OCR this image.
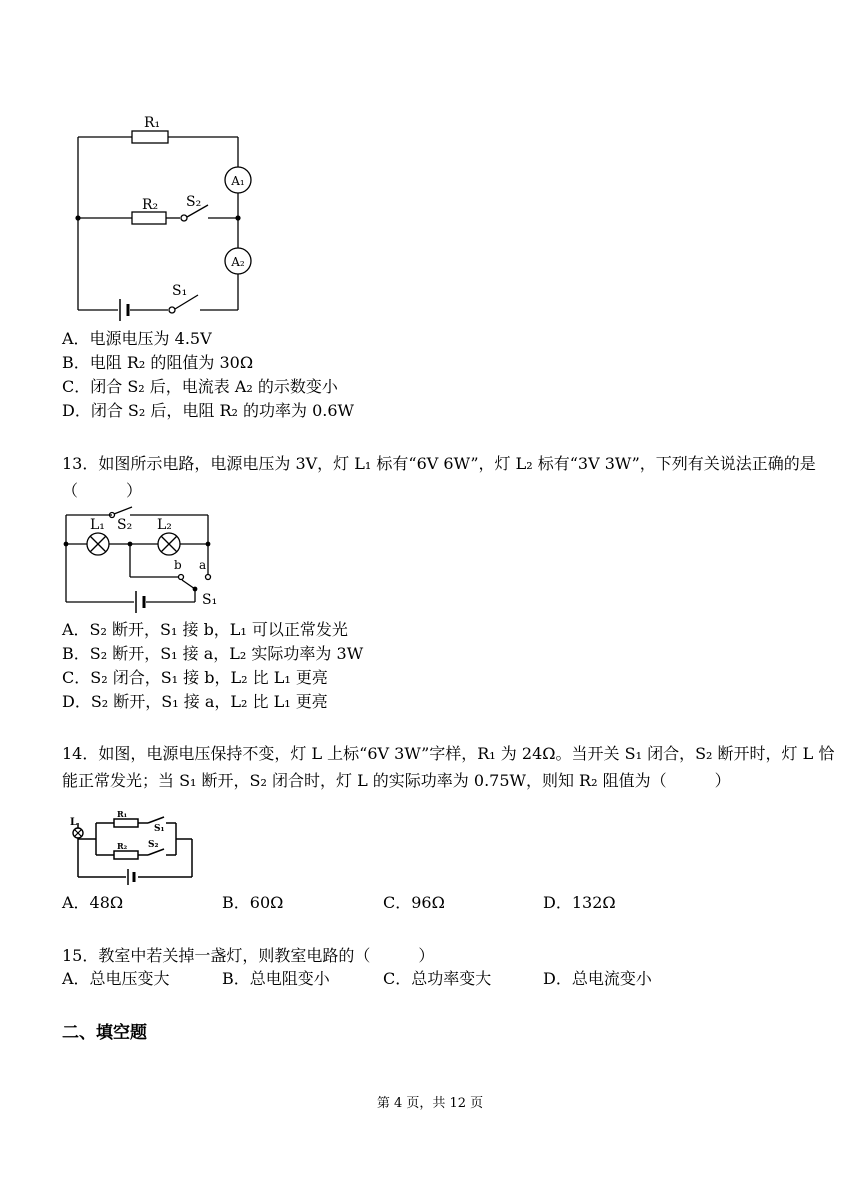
R₁
R₂ S₂
S₁
A₁
A₂
A．电源电压为 4.5V
B．电阻 R₂ 的阻值为 30Ω
C．闭合 S₂ 后，电流表 A₂ 的示数变小
D．闭合 S₂ 后，电阻 R₂ 的功率为 0.6W
13．如图所示电路，电源电压为 3V，灯 L₁ 标有“6V 6W”，灯 L₂ 标有“3V 3W”，下列有关说法正确的是（　　　）
L₁ S₂ L₂
b a
S₁
A．S₂ 断开，S₁ 接 b，L₁ 可以正常发光
B．S₂ 断开，S₁ 接 a，L₂ 实际功率为 3W
C．S₂ 闭合，S₁ 接 b，L₂ 比 L₁ 更亮
D．S₂ 断开，S₁ 接 a，L₂ 比 L₁ 更亮
14．如图，电源电压保持不变，灯 L 上标“6V 3W”字样，R₁ 为 24Ω。当开关 S₁ 闭合，S₂ 断开时，灯 L 恰能正常发光；当 S₁ 断开，S₂ 闭合时，灯 L 的实际功率为 0.75W，则知 R₂ 阻值为（　　　）
L
R₁
S₁
R₂ S₂
A．48Ω	B．60Ω	C．96Ω	D．132Ω
15．教室中若关掉一盏灯，则教室电路的（　　　）
A．总电压变大	B．总电阻变小	C．总功率变大	D．总电流变小
二、填空题
第 4 页，共 12 页
